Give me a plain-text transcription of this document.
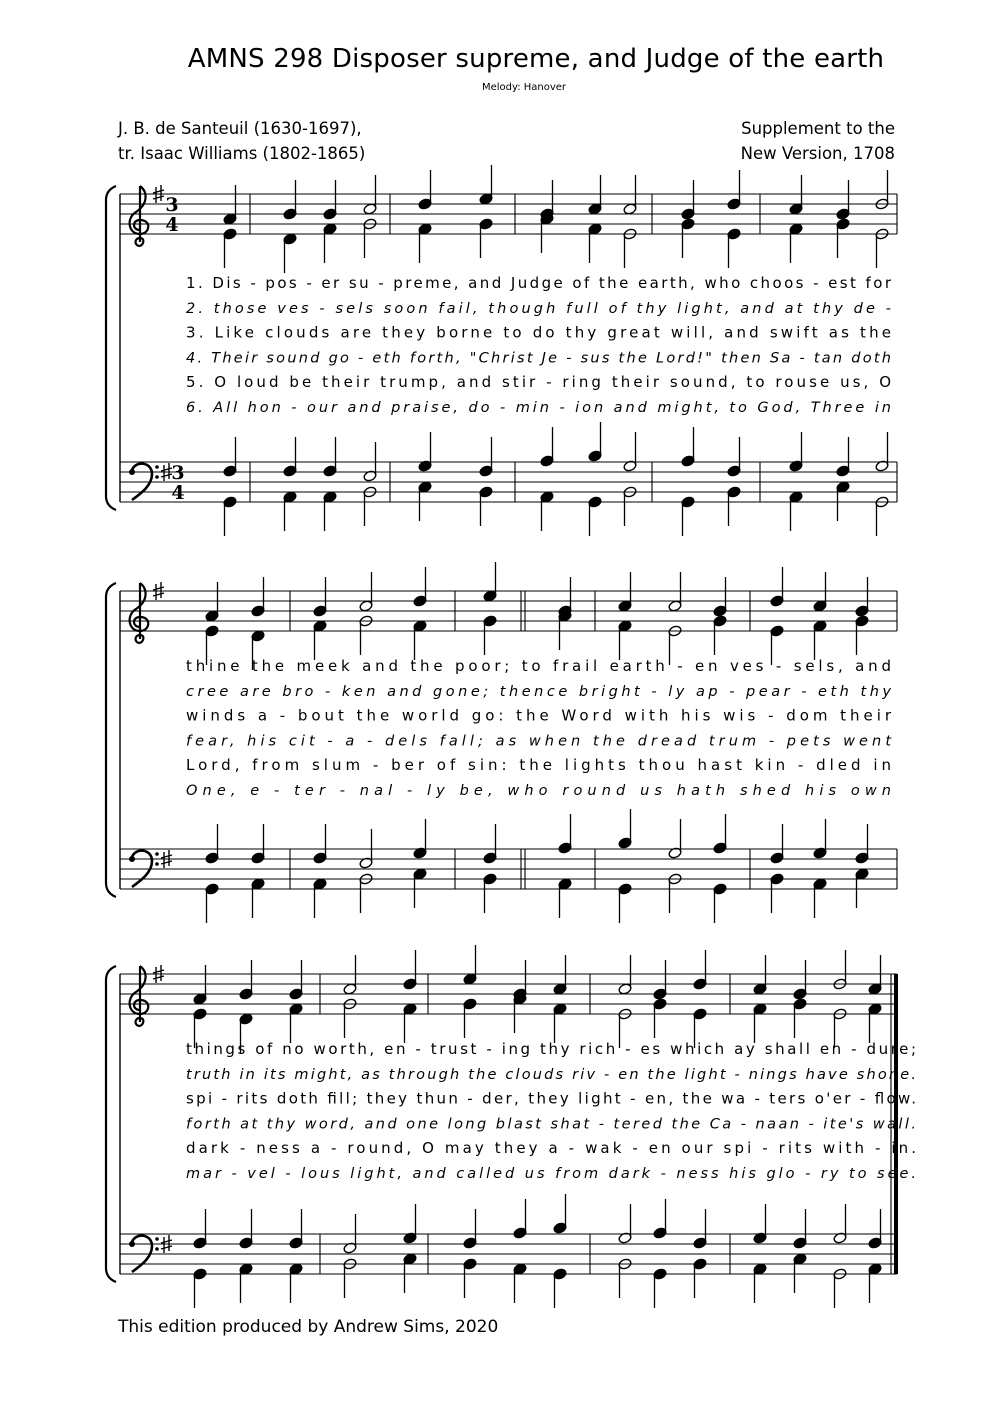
AMNS 298 Disposer supreme, and Judge of the earth
Melody: Hanover
J. B. de Santeuil (1630-1697),
tr. Isaac Williams (1802-1865)
Supplement to the
New Version, 1708
1. Dis - pos - er su - preme, and Judge of the earth, who choos - est for
2. those ves - sels soon fail, though full of thy light, and at thy de -
3. Like clouds are they borne to do thy great will, and swift as the
4. Their sound go - eth forth, "Christ Je - sus the Lord!" then Sa - tan doth
5. O loud be their trump, and stir - ring their sound, to rouse us, O
6. All hon - our and praise, do - min - ion and might, to God, Three in
3
4
3
4
thine the meek and the poor; to frail earth - en ves - sels, and
cree are bro - ken and gone; thence bright - ly ap - pear - eth thy
winds a - bout the world go: the Word with his wis - dom their
fear, his cit - a - dels fall; as when the dread trum - pets went
Lord, from slum - ber of sin: the lights thou hast kin - dled in
One, e - ter - nal - ly be, who round us hath shed his own
things of no worth, en - trust - ing thy rich - es which ay shall en - dure;
truth in its might, as through the clouds riv - en the light - nings have shone.
spi - rits doth fill; they thun - der, they light - en, the wa - ters o'er - flow.
forth at thy word, and one long blast shat - tered the Ca - naan - ite's wall.
dark - ness a - round, O may they a - wak - en our spi - rits with - in.
mar - vel - lous light, and called us from dark - ness his glo - ry to see.
This edition produced by Andrew Sims, 2020
